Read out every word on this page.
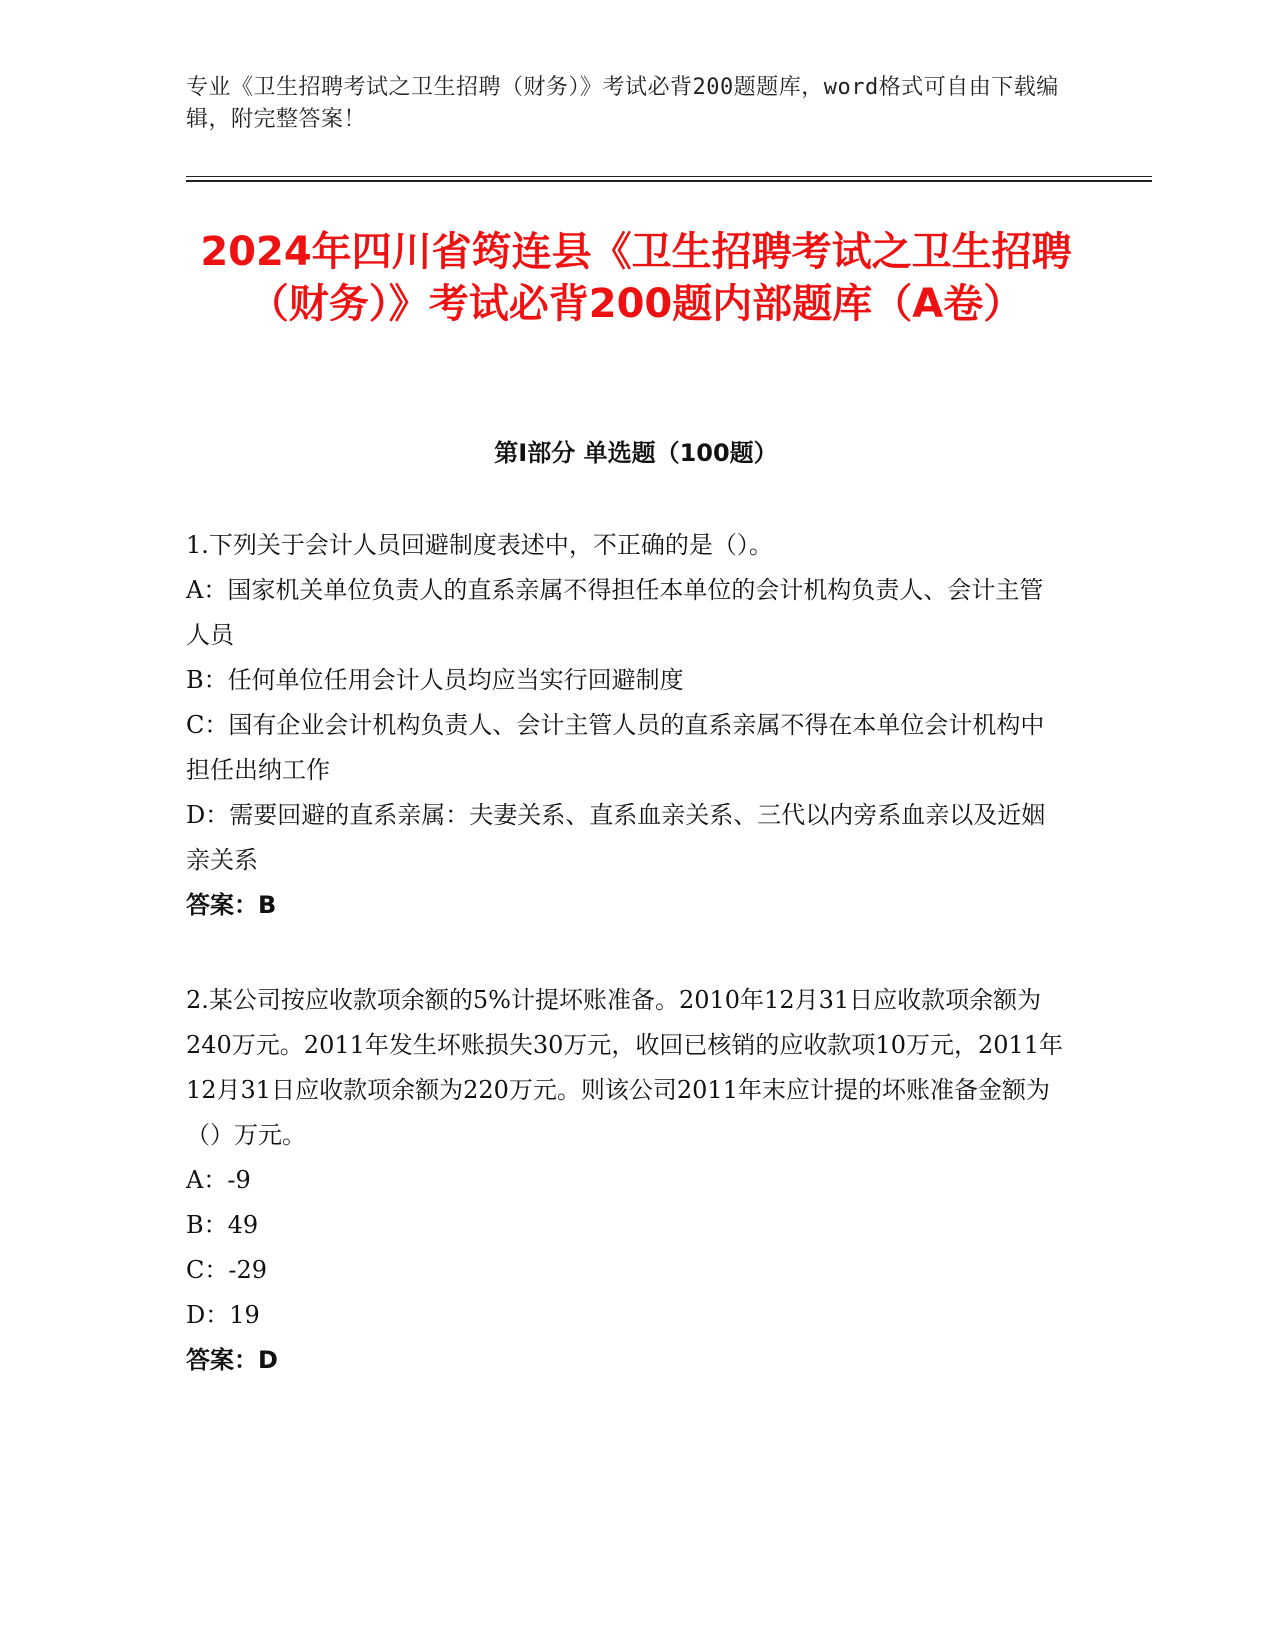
专业《卫生招聘考试之卫生招聘（财务）》考试必背200题题库，word格式可自由下载编辑，附完整答案！
2024年四川省筠连县《卫生招聘考试之卫生招聘（财务）》考试必背200题内部题库（A卷）
第Ⅰ部分 单选题（100题）
1.下列关于会计人员回避制度表述中，不正确的是（）。
A：国家机关单位负责人的直系亲属不得担任本单位的会计机构负责人、会计主管人员
B：任何单位任用会计人员均应当实行回避制度
C：国有企业会计机构负责人、会计主管人员的直系亲属不得在本单位会计机构中担任出纳工作
D：需要回避的直系亲属：夫妻关系、直系血亲关系、三代以内旁系血亲以及近姻亲关系
答案：B
2.某公司按应收款项余额的5%计提坏账准备。2010年12月31日应收款项余额为240万元。2011年发生坏账损失30万元，收回已核销的应收款项10万元，2011年12月31日应收款项余额为220万元。则该公司2011年末应计提的坏账准备金额为（）万元。
A：-9
B：49
C：-29
D：19
答案：D
